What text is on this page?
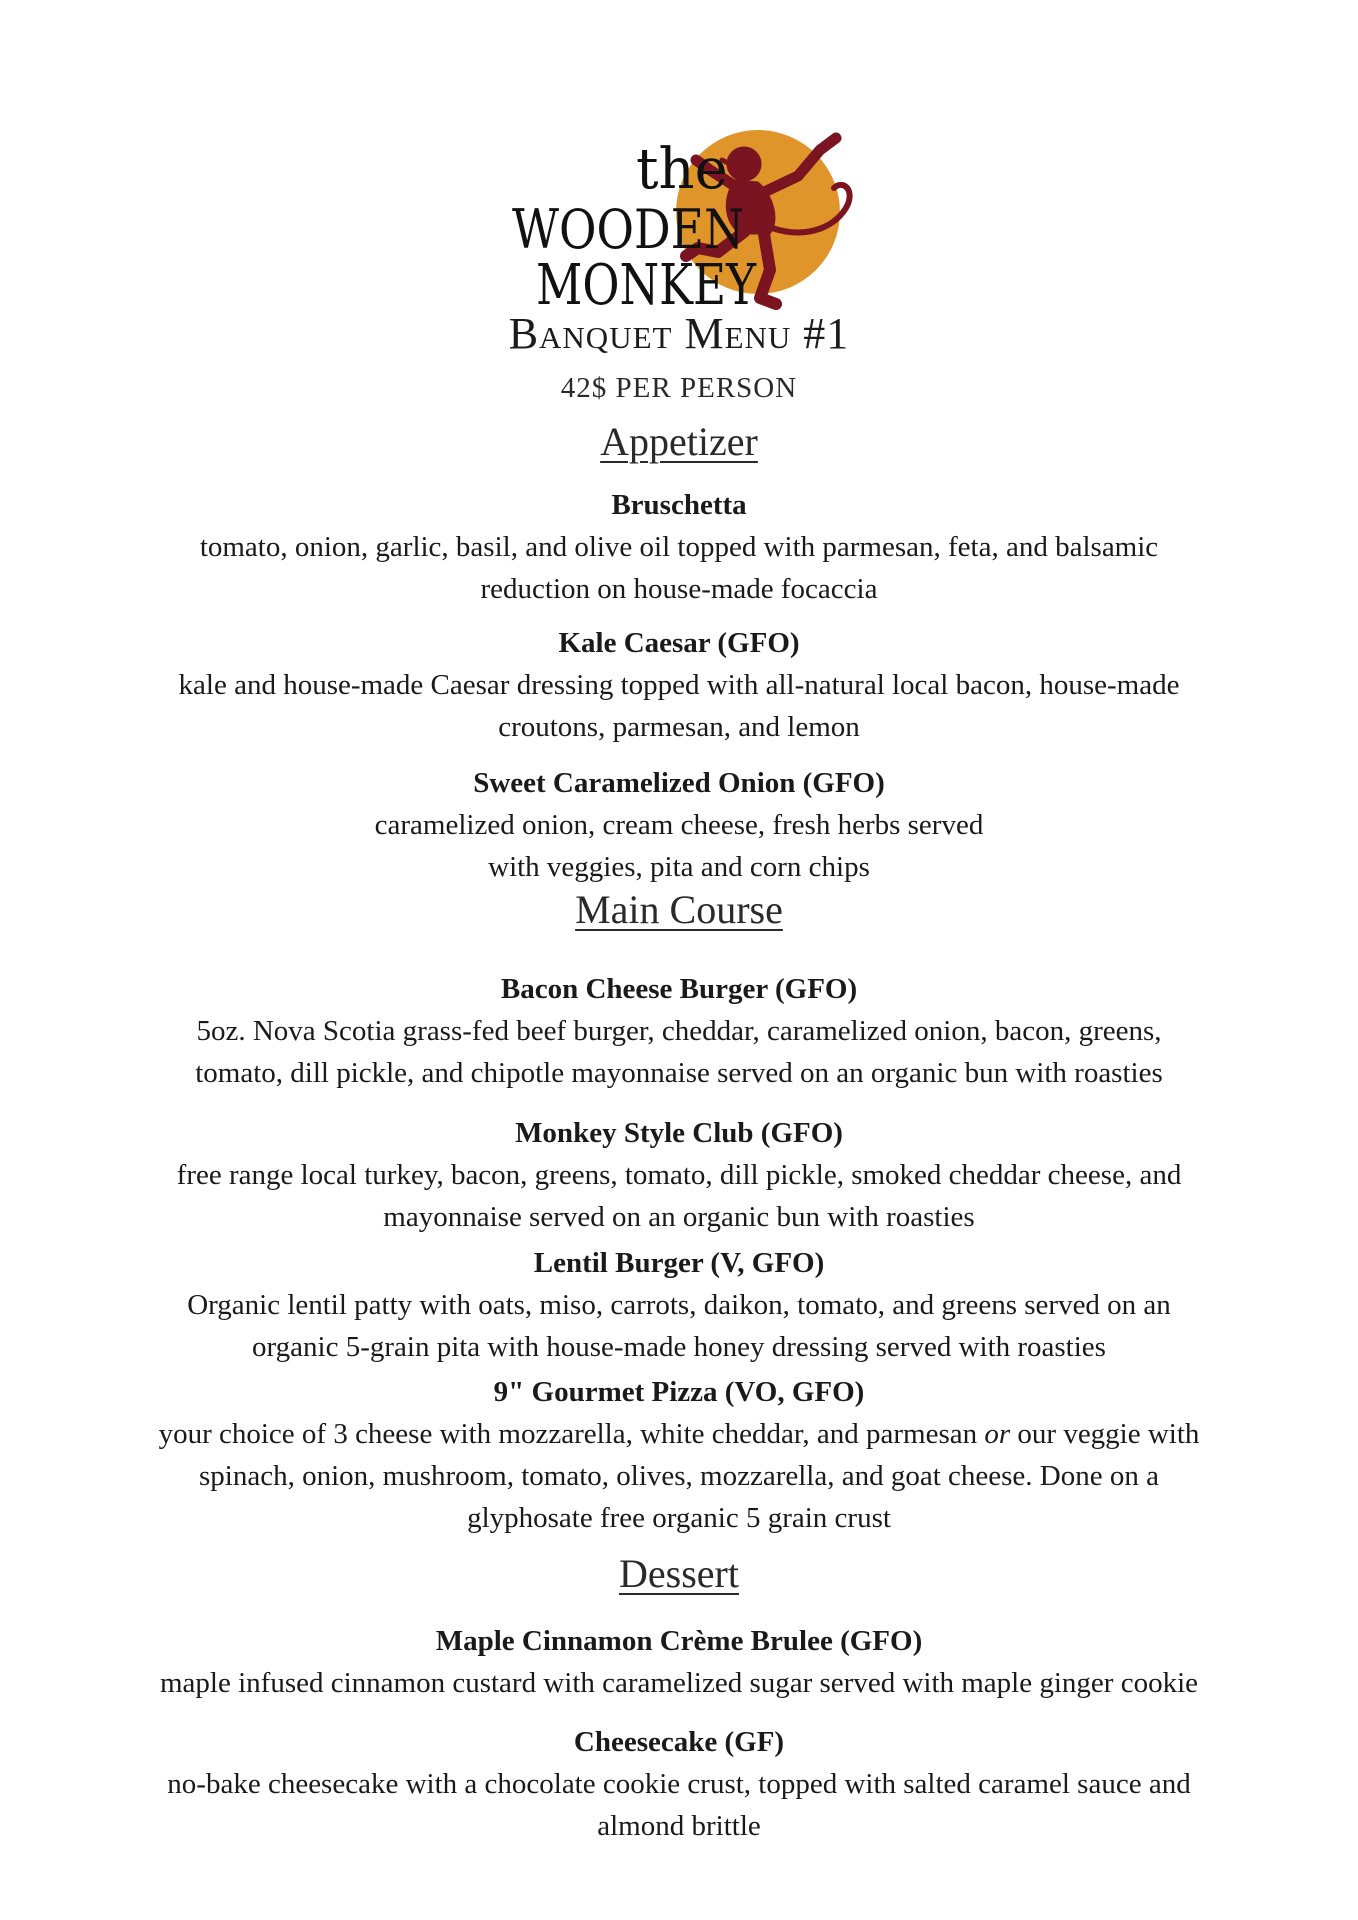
the
WOODEN
MONKEY
Banquet Menu #1
42$ PER PERSON
Appetizer
Bruschetta
tomato, onion, garlic, basil, and olive oil topped with parmesan, feta, and balsamic
reduction on house-made focaccia
Kale Caesar (GFO)
kale and house-made Caesar dressing topped with all-natural local bacon, house-made
croutons, parmesan, and lemon
Sweet Caramelized Onion (GFO)
caramelized onion, cream cheese, fresh herbs served
with veggies, pita and corn chips
Main Course
Bacon Cheese Burger (GFO)
5oz. Nova Scotia grass-fed beef burger, cheddar, caramelized onion, bacon, greens,
tomato, dill pickle, and chipotle mayonnaise served on an organic bun with roasties
Monkey Style Club (GFO)
free range local turkey, bacon, greens, tomato, dill pickle, smoked cheddar cheese, and
mayonnaise served on an organic bun with roasties
Lentil Burger (V, GFO)
Organic lentil patty with oats, miso, carrots, daikon, tomato, and greens served on an
organic 5-grain pita with house-made honey dressing served with roasties
9" Gourmet Pizza (VO, GFO)
your choice of 3 cheese with mozzarella, white cheddar, and parmesan or our veggie with
spinach, onion, mushroom, tomato, olives, mozzarella, and goat cheese. Done on a
glyphosate free organic 5 grain crust
Dessert
Maple Cinnamon Crème Brulee (GFO)
maple infused cinnamon custard with caramelized sugar served with maple ginger cookie
Cheesecake (GF)
no-bake cheesecake with a chocolate cookie crust, topped with salted caramel sauce and
almond brittle
